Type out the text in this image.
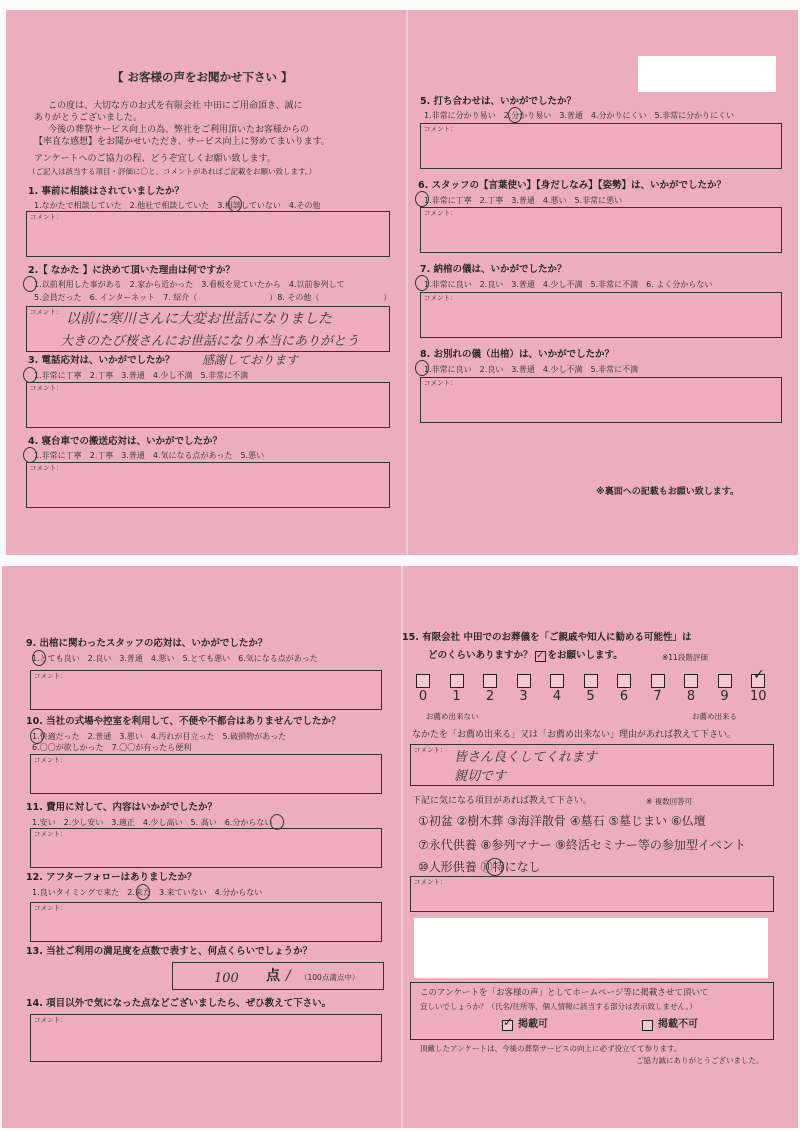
【 お客様の声をお聞かせ下さい 】
この度は、大切な方のお式を有限会社 中田にご用命頂き、誠に
ありがとうございました。
今後の葬祭サービス向上の為、弊社をご利用頂いたお客様からの
【率直な感想】をお聞かせいただき、サービス向上に努めてまいります。
アンケートへのご協力の程、どうぞ宜しくお願い致します。
（ご記入は該当する項目・評価に〇と、コメントがあればご記載をお願い致します。）
1. 事前に相談はされていましたか？
1.なかたで相談していた　2.他社で相談していた　3.相談していない　4.その他
コメント：
2.【 なかた 】に決めて頂いた理由は何ですか？
1.以前利用した事がある　2.家から近かった　3.看板を見ていたから　4.以前参列して
5.会員だった　6. インターネット　7. 紹介（　　　　　　　　　）8. その他（　　　　　　　　）
コメント： 以前に寒川さんに大変お世話になりました
大きのたび桜さんにお世話になり本当にありがとう
3. 電話応対は、いかがでしたか？ 感謝しております
1.非常に丁寧　2.丁寧　3.普通　4.少し不満　5.非常に不満
コメント：
4. 寝台車での搬送応対は、いかがでしたか？
1.非常に丁寧　2.丁寧　3.普通　4.気になる点があった　5.悪い
コメント：
5. 打ち合わせは、いかがでしたか？
1.非常に分かり易い　2.分かり易い　3.普通　4.分かりにくい　5.非常に分かりにくい
コメント：
6. スタッフの【言葉使い】【身だしなみ】【姿勢】は、いかがでしたか？
1.非常に丁寧　2.丁寧　3.普通　4.悪い　5.非常に悪い
コメント：
7. 納棺の儀は、いかがでしたか？
1.非常に良い　2.良い　3.普通　4.少し不満　5.非常に不満　6. よく分からない
コメント：
8. お別れの儀（出棺）は、いかがでしたか？
1.非常に良い　2.良い　3.普通　4.少し不満　5.非常に不満
コメント：
※裏面への記載もお願い致します。
9. 出棺に関わったスタッフの応対は、いかがでしたか？
1.とても良い　2.良い　3.普通　4.悪い　5.とても悪い　6.気になる点があった
コメント：
10. 当社の式場や控室を利用して、不便や不都合はありませんでしたか？
1.快適だった　2.普通　3.悪い　4.汚れが目立った　5.破損物があった
6.〇〇が欲しかった　7.〇〇が有ったら便利
コメント：
11. 費用に対して、内容はいかがでしたか？
1.安い　2.少し安い　3.適正　4.少し高い　5. 高い　6.分からない
コメント：
12. アフターフォローはありましたか？
1.良いタイミングで来た　2.来た　3.来ていない　4.分からない
コメント：
13. 当社ご利用の満足度を点数で表すと、何点くらいでしょうか？
100 点 / （100点満点中）
14. 項目以外で気になった点などございましたら、ぜひ教えて下さい。
コメント：
15. 有限会社 中田でのお葬儀を「ご親戚や知人に勧める可能性」は
どのくらいありますか？ ✓ をお願いします。	※11段階評価
0 1 2 3 4 5 6 7 8 9 10
✓
お薦め出来ない	お薦め出来る
なかたを「お薦め出来る」又は「お薦め出来ない」理由があれば教えて下さい。
コメント： 皆さん良くしてくれます
親切です
下記に気になる項目があれば教えて下さい。	※ 複数回答可
①初盆 ②樹木葬 ③海洋散骨 ④墓石 ⑤墓じまい ⑥仏壇
⑦永代供養 ⑧参列マナー ⑨終活セミナー等の参加型イベント
⑩人形供養 ⑪特になし
コメント：
このアンケートを「お客様の声」としてホームページ等に掲載させて頂いて
宜しいでしょうか？（氏名/住所等、個人情報に該当する部分は表示致しません。）
✓ 掲載可	掲載不可
頂戴したアンケートは、今後の葬祭サービスの向上に必ず役立てて参ります。
ご協力誠にありがとうございました。
